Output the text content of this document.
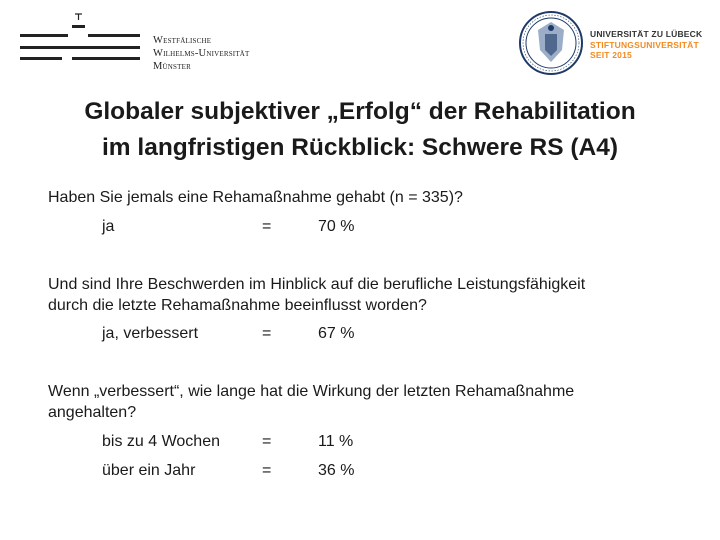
Westfälische
Wilhelms-Universität
Münster
UNIVERSITÄT ZU LÜBECK
STIFTUNGSUNIVERSITÄT
SEIT 2015
Globaler subjektiver „Erfolg“ der Rehabilitation
im langfristigen Rückblick: Schwere RS (A4)
Haben Sie jemals eine Rehamaßnahme gehabt (n = 335)?
ja	=	70 %
Und sind Ihre Beschwerden im Hinblick auf die berufliche Leistungsfähigkeit
durch die letzte Rehamaßnahme beeinflusst worden?
ja, verbessert	=	67 %
Wenn „verbessert“, wie lange hat die Wirkung der letzten Rehamaßnahme
angehalten?
bis zu 4 Wochen	=	11 %
über ein Jahr	=	36 %
